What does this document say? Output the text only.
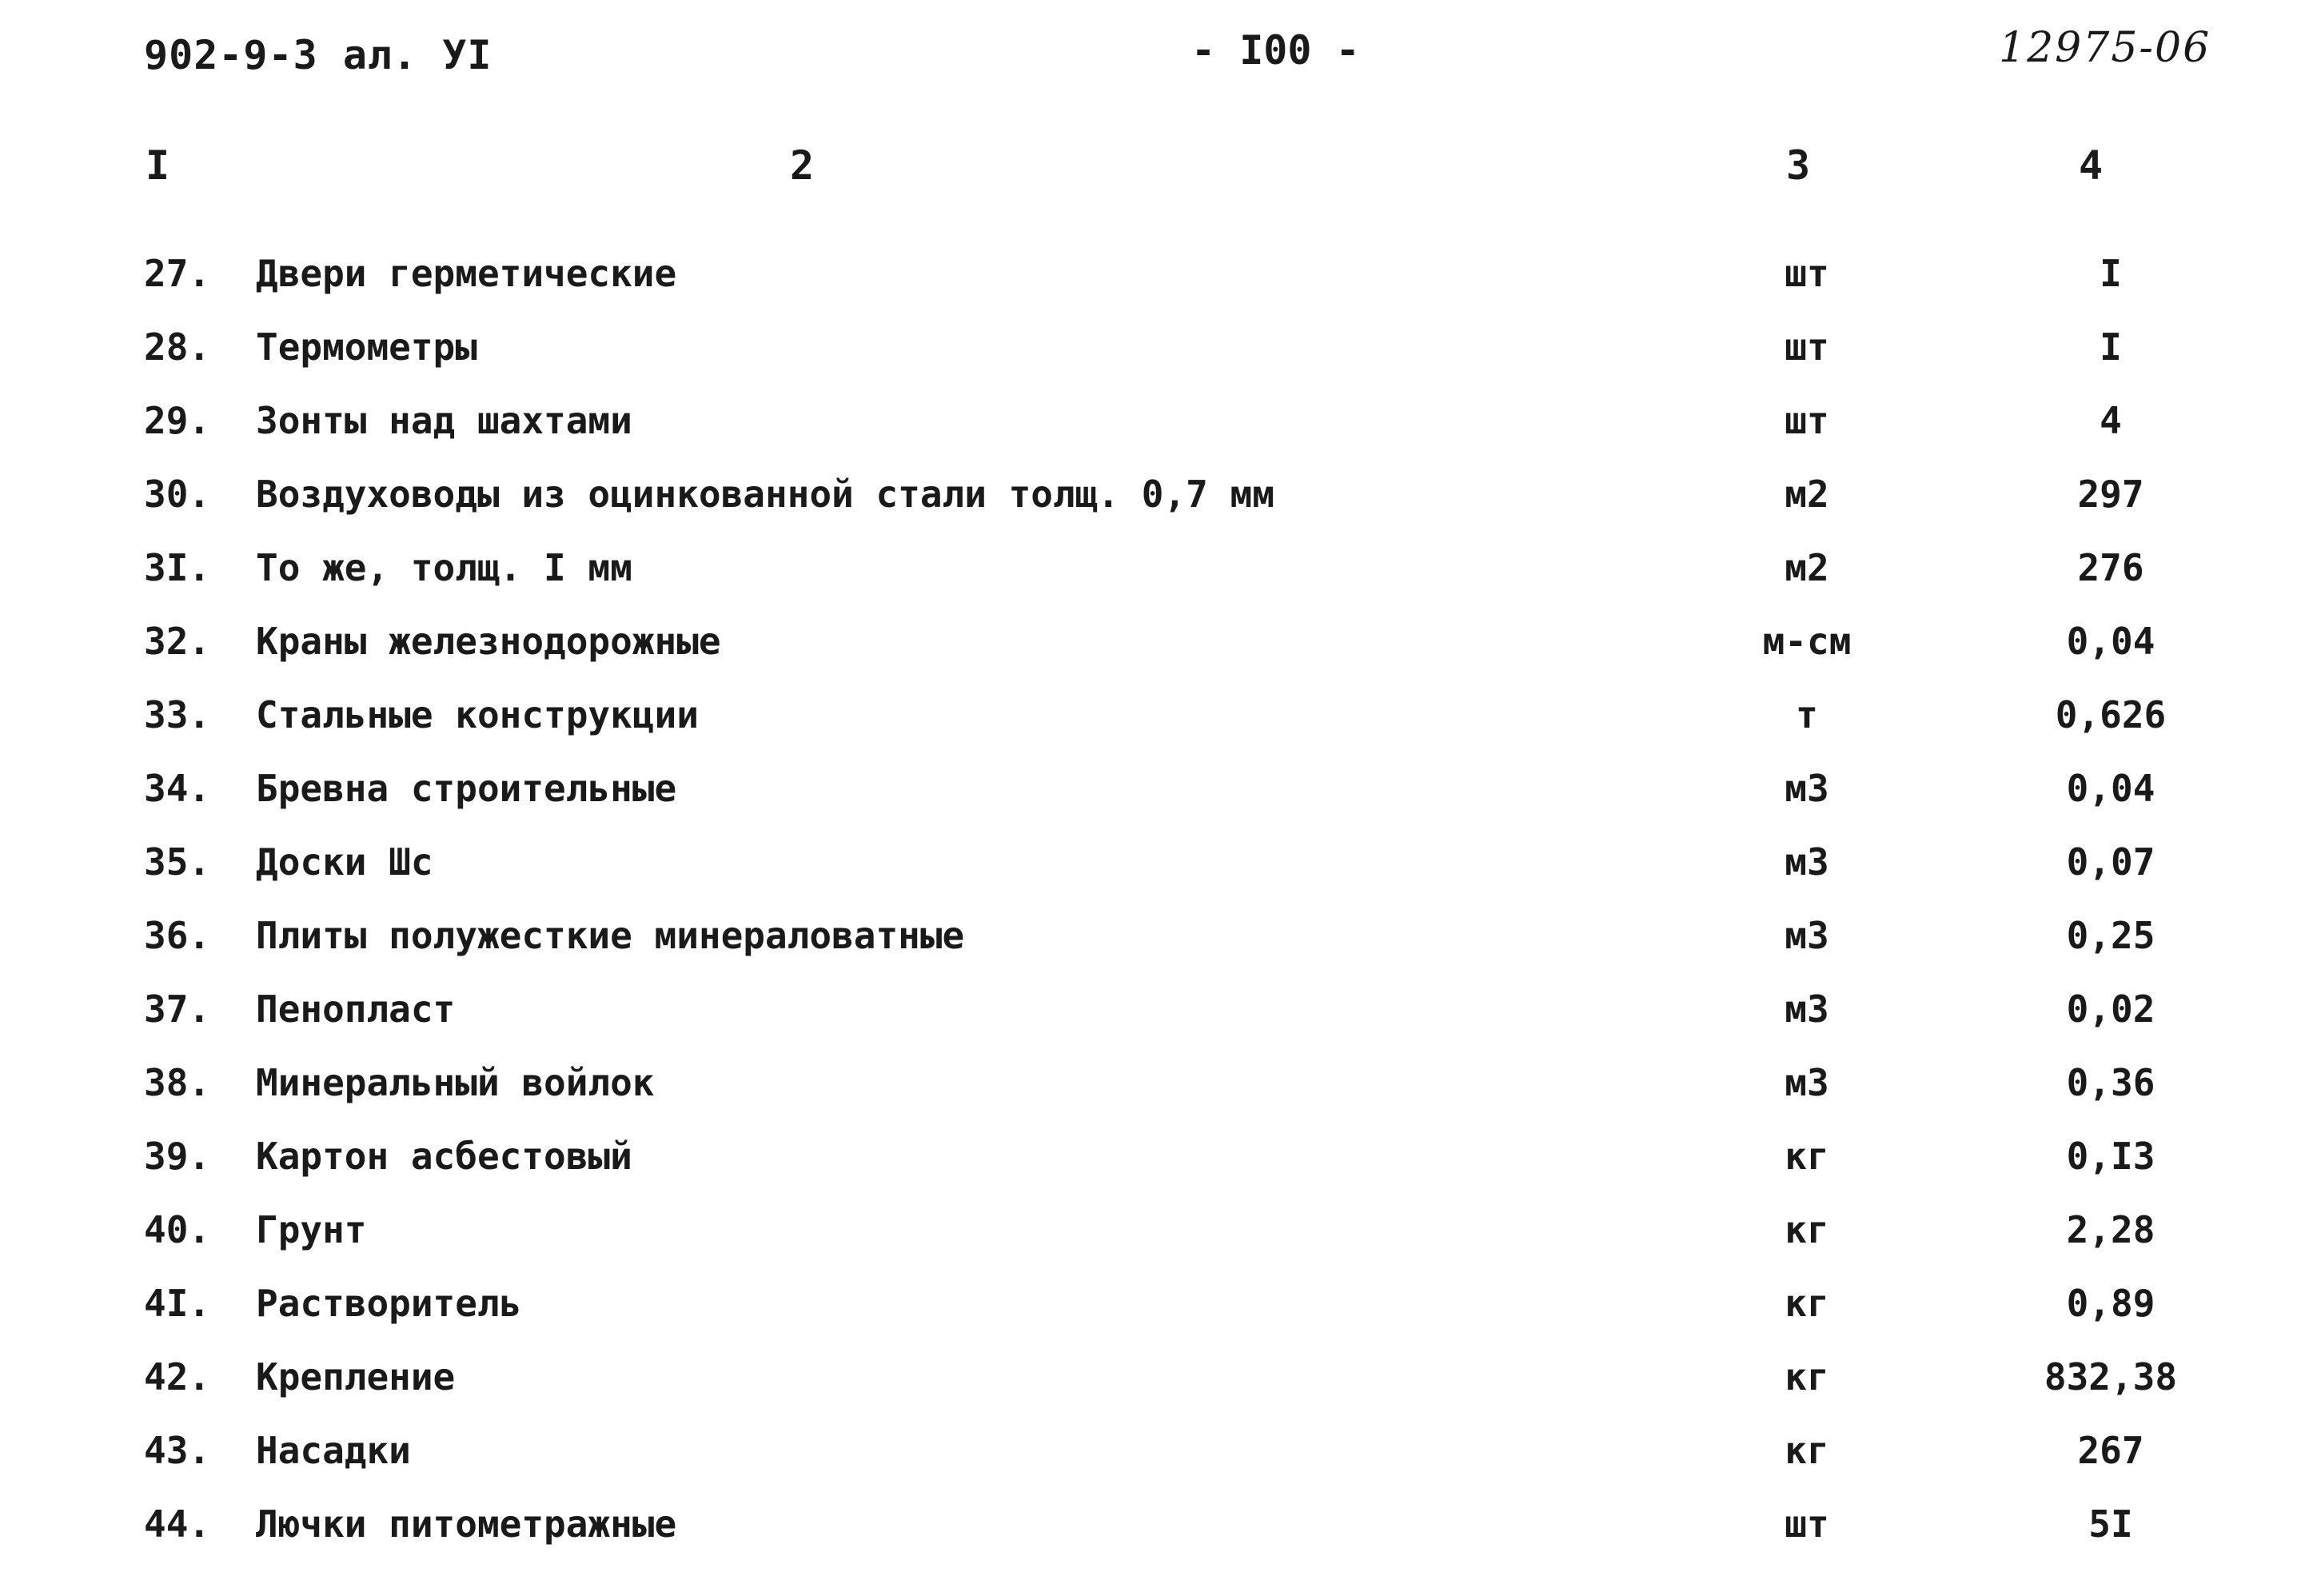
902-9-3 ал. УI	- I00 -	12975-06
I	2	3	4
27.	Двери герметические	шт	I
28.	Термометры	шт	I
29.	Зонты над шахтами	шт	4
30.	Воздуховоды из оцинкованной стали толщ. 0,7 мм	м2	297
3I.	То же, толщ. I мм	м2	276
32.	Краны железнодорожные	м-см	0,04
33.	Стальные конструкции	т	0,626
34.	Бревна строительные	м3	0,04
35.	Доски Шс	м3	0,07
36.	Плиты полужесткие минераловатные	м3	0,25
37.	Пенопласт	м3	0,02
38.	Минеральный войлок	м3	0,36
39.	Картон асбестовый	кг	0,I3
40.	Грунт	кг	2,28
4I.	Растворитель	кг	0,89
42.	Крепление	кг	832,38
43.	Насадки	кг	267
44.	Лючки питометражные	шт	5I
